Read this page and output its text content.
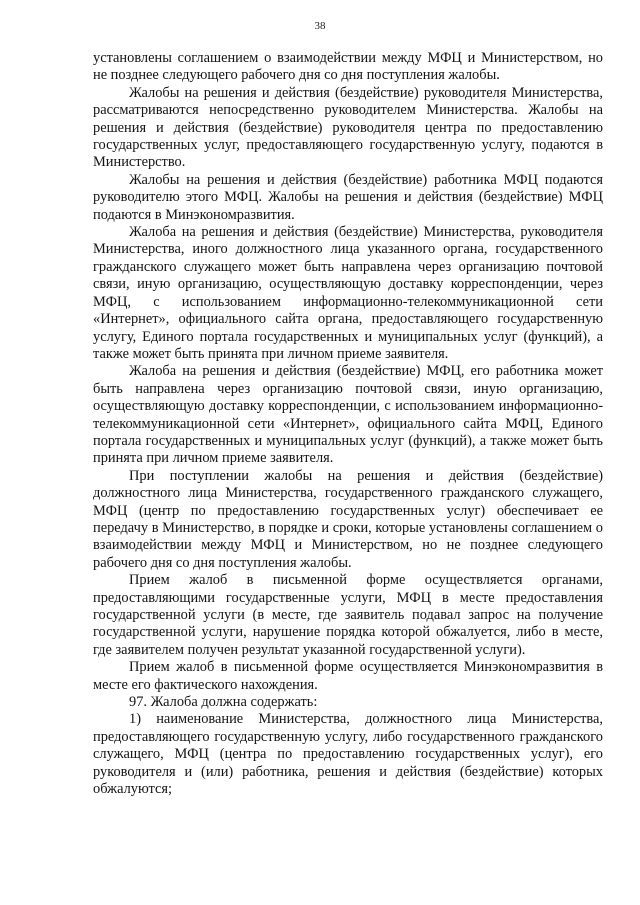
38

установлены соглашением о взаимодействии между МФЦ и Министерством, но не позднее следующего рабочего дня со дня поступления жалобы.

Жалобы на решения и действия (бездействие) руководителя Министерства, рассматриваются непосредственно руководителем Министерства. Жалобы на решения и действия (бездействие) руководителя центра по предоставлению государственных услуг, предоставляющего государственную услугу, подаются в Министерство.

Жалобы на решения и действия (бездействие) работника МФЦ подаются руководителю этого МФЦ. Жалобы на решения и действия (бездействие) МФЦ подаются в Минэкономразвития.

Жалоба на решения и действия (бездействие) Министерства, руководителя Министерства, иного должностного лица указанного органа, государственного гражданского служащего может быть направлена через организацию почтовой связи, иную организацию, осуществляющую доставку корреспонденции, через МФЦ, с использованием информационно-телекоммуникационной сети «Интернет», официального сайта органа, предоставляющего государственную услугу, Единого портала государственных и муниципальных услуг (функций), а также может быть принята при личном приеме заявителя.

Жалоба на решения и действия (бездействие) МФЦ, его работника может быть направлена через организацию почтовой связи, иную организацию, осуществляющую доставку корреспонденции, с использованием информационно-телекоммуникационной сети «Интернет», официального сайта МФЦ, Единого портала государственных и муниципальных услуг (функций), а также может быть принята при личном приеме заявителя.

При поступлении жалобы на решения и действия (бездействие) должностного лица Министерства, государственного гражданского служащего, МФЦ (центр по предоставлению государственных услуг) обеспечивает ее передачу в Министерство, в порядке и сроки, которые установлены соглашением о взаимодействии между МФЦ и Министерством, но не позднее следующего рабочего дня со дня поступления жалобы.

Прием жалоб в письменной форме осуществляется органами, предоставляющими государственные услуги, МФЦ в месте предоставления государственной услуги (в месте, где заявитель подавал запрос на получение государственной услуги, нарушение порядка которой обжалуется, либо в месте, где заявителем получен результат указанной государственной услуги).

Прием жалоб в письменной форме осуществляется Минэкономразвития в месте его фактического нахождения.

97. Жалоба должна содержать:

1) наименование Министерства, должностного лица Министерства, предоставляющего государственную услугу, либо государственного гражданского служащего, МФЦ (центра по предоставлению государственных услуг), его руководителя и (или) работника, решения и действия (бездействие) которых обжалуются;
